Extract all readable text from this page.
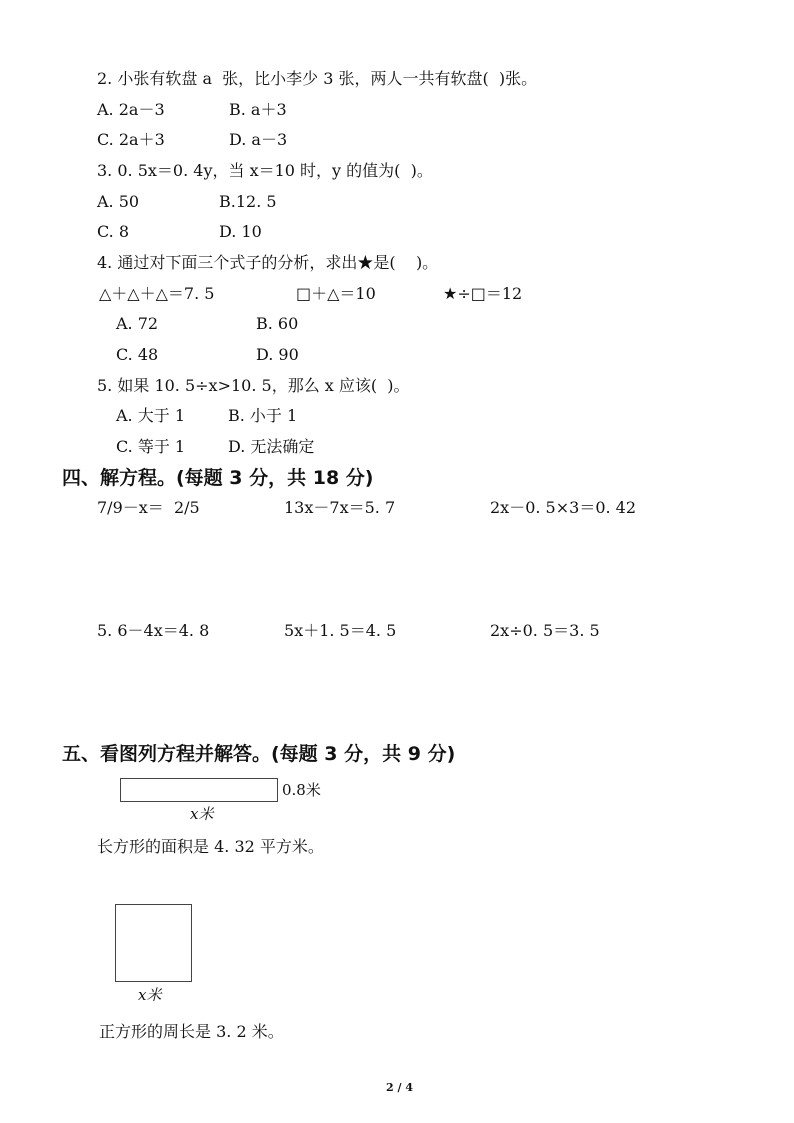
2. 小张有软盘 a  张，比小李少 3 张，两人一共有软盘(  )张。
A. 2a－3	B. a＋3
C. 2a＋3	D. a－3
3. 0. 5x＝0. 4y，当 x＝10 时，y 的值为(  )。
A. 50	B.12. 5
C. 8	D. 10
4. 通过对下面三个式子的分析，求出★是(    )。
△＋△＋△＝7. 5	□＋△＝10	★÷□＝12
A. 72	B. 60
C. 48	D. 90
5. 如果 10. 5÷x>10. 5，那么 x 应该(  )。
A. 大于 1	B. 小于 1
C. 等于 1	D. 无法确定
四、解方程。(每题 3 分，共 18 分)
7/9－x＝  2/5	13x－7x＝5. 7	2x－0. 5×3＝0. 42
5. 6－4x＝4. 8	5x＋1. 5＝4. 5	2x÷0. 5＝3. 5
五、看图列方程并解答。(每题 3 分，共 9 分)
0.8米
x米
长方形的面积是 4. 32 平方米。
x米
正方形的周长是 3. 2 米。
2 / 4
